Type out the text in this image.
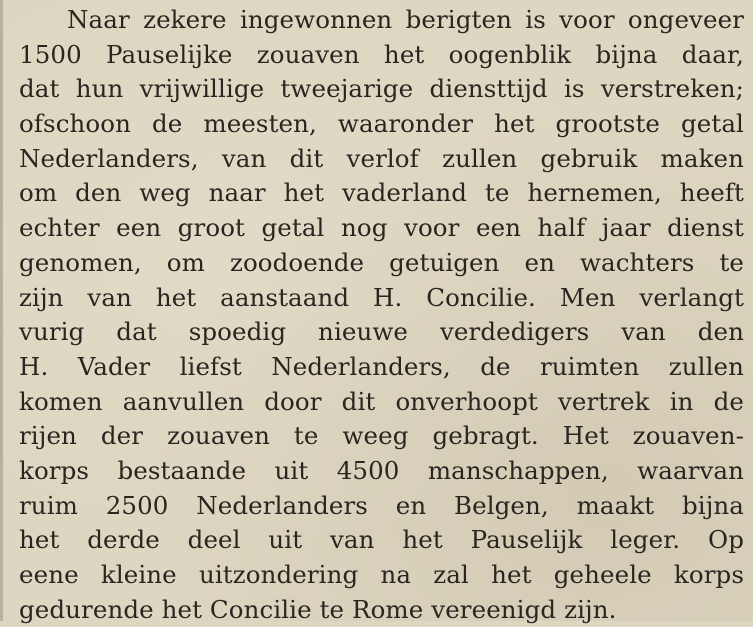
Naar zekere ingewonnen berigten is voor ongeveer
1500 Pauselijke zouaven het oogenblik bijna daar,
dat hun vrijwillige tweejarige diensttijd is verstreken;
ofschoon de meesten, waaronder het grootste getal
Nederlanders, van dit verlof zullen gebruik maken
om den weg naar het vaderland te hernemen, heeft
echter een groot getal nog voor een half jaar dienst
genomen, om zoodoende getuigen en wachters te
zijn van het aanstaand H. Concilie. Men verlangt
vurig dat spoedig nieuwe verdedigers van den
H. Vader liefst Nederlanders, de ruimten zullen
komen aanvullen door dit onverhoopt vertrek in de
rijen der zouaven te weeg gebragt. Het zouaven-
korps bestaande uit 4500 manschappen, waarvan
ruim 2500 Nederlanders en Belgen, maakt bijna
het derde deel uit van het Pauselijk leger. Op
eene kleine uitzondering na zal het geheele korps
gedurende het Concilie te Rome vereenigd zijn.
